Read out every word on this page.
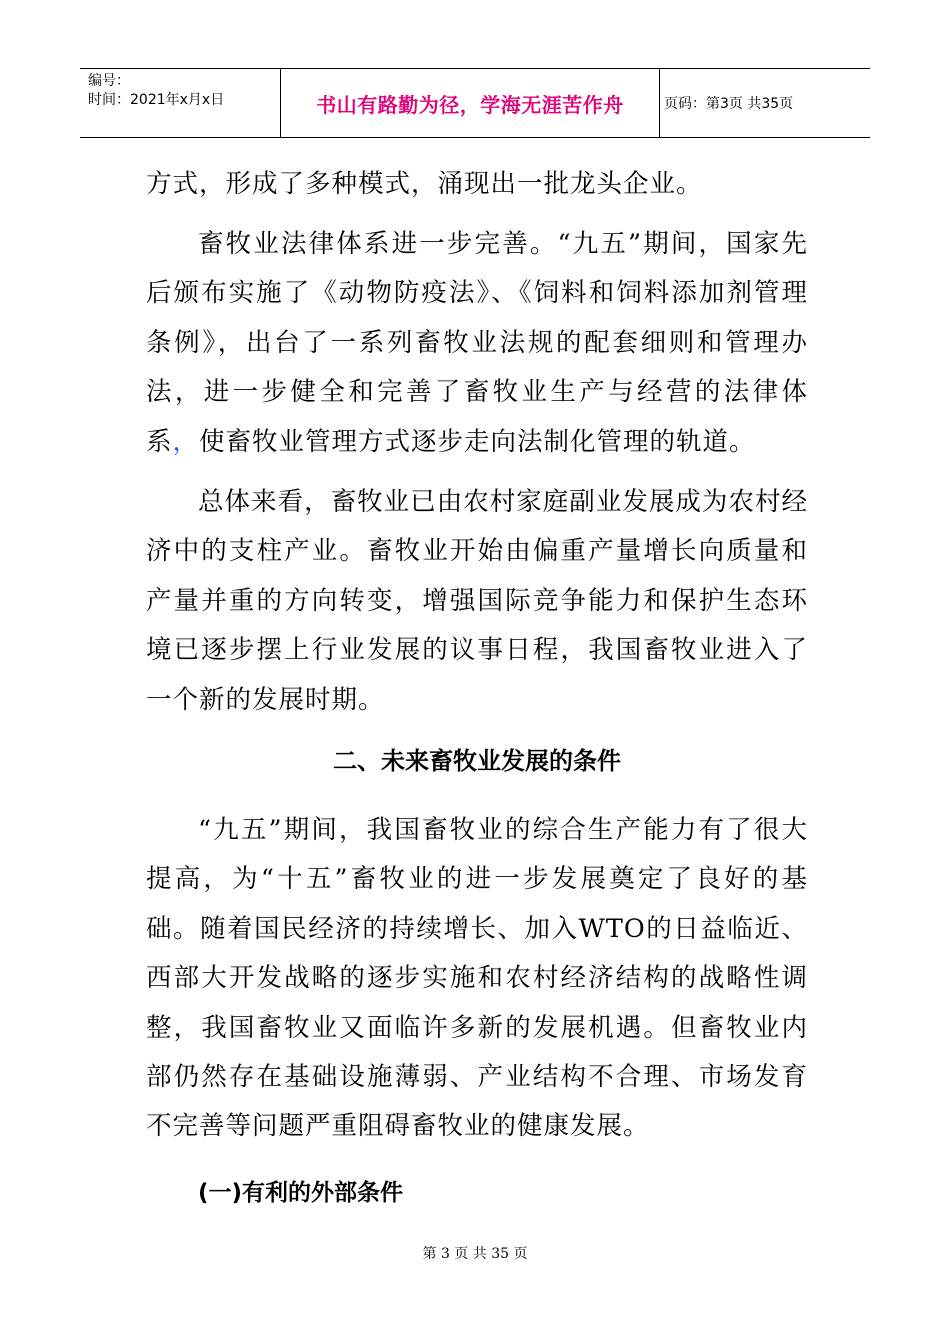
编号：
时间：2021年x月x日	书山有路勤为径，学海无涯苦作舟	页码：第3页 共35页

方式，形成了多种模式，涌现出一批龙头企业。

畜牧业法律体系进一步完善。“九五”期间，国家先后颁布实施了《动物防疫法》、《饲料和饲料添加剂管理条例》，出台了一系列畜牧业法规的配套细则和管理办法，进一步健全和完善了畜牧业生产与经营的法律体系，使畜牧业管理方式逐步走向法制化管理的轨道。

总体来看，畜牧业已由农村家庭副业发展成为农村经济中的支柱产业。畜牧业开始由偏重产量增长向质量和产量并重的方向转变，增强国际竞争能力和保护生态环境已逐步摆上行业发展的议事日程，我国畜牧业进入了一个新的发展时期。

二、未来畜牧业发展的条件

“九五”期间，我国畜牧业的综合生产能力有了很大提高，为“十五”畜牧业的进一步发展奠定了良好的基础。随着国民经济的持续增长、加入WTO的日益临近、西部大开发战略的逐步实施和农村经济结构的战略性调整，我国畜牧业又面临许多新的发展机遇。但畜牧业内部仍然存在基础设施薄弱、产业结构不合理、市场发育不完善等问题严重阻碍畜牧业的健康发展。

(一)有利的外部条件
第 3 页 共 35 页
